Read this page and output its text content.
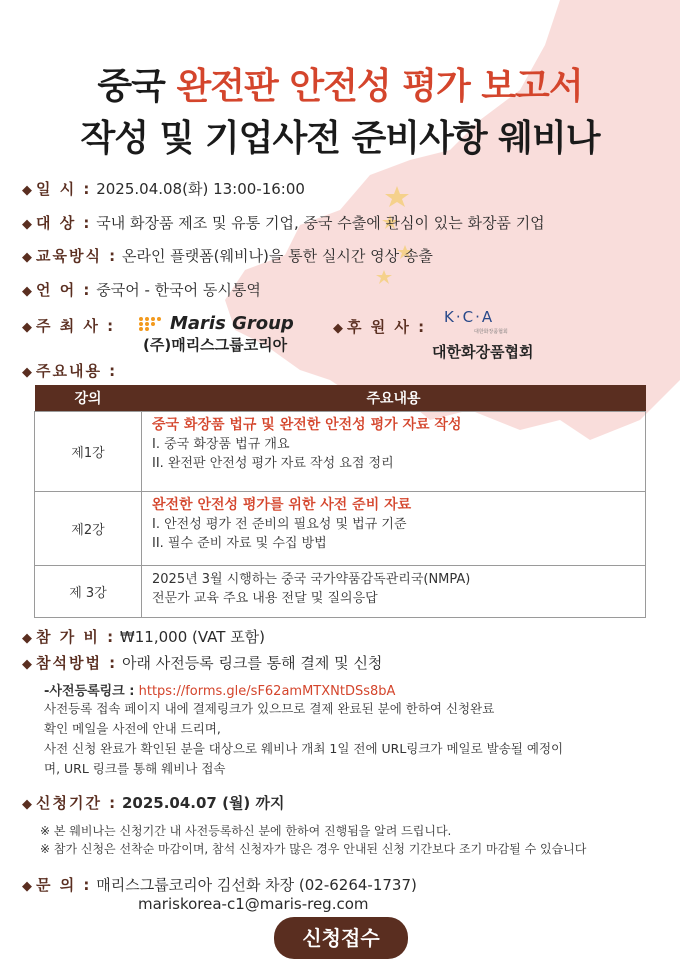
중국 완전판 안전성 평가 보고서
작성 및 기업사전 준비사항 웨비나
◆ 일 시 : 2025.04.08(화) 13:00-16:00
◆ 대 상 : 국내 화장품 제조 및 유통 기업, 중국 수출에 관심이 있는 화장품 기업
◆ 교육방식 : 온라인 플랫폼(웨비나)을 통한 실시간 영상 송출
◆ 언 어 : 중국어 - 한국어 동시통역
◆ 주 최 사 :	Maris Group
(주)매리스그룹코리아
◆ 후 원 사 :
K·C·A
대한화장품협회
대한화장품협회
◆ 주요내용 :
강의	주요내용
제1강	중국 화장품 법규 및 완전한 안전성 평가 자료 작성
I. 중국 화장품 법규 개요
II. 완전판 안전성 평가 자료 작성 요점 정리

제2강	완전한 안전성 평가를 위한 사전 준비 자료
I. 안전성 평가 전 준비의 필요성 및 법규 기준
II. 필수 준비 자료 및 수집 방법

제 3강	2025년 3월 시행하는 중국 국가약품감독관리국(NMPA)
전문가 교육 주요 내용 전달 및 질의응답
◆ 참 가 비 : ₩11,000 (VAT 포함)
◆ 참석방법 : 아래 사전등록 링크를 통해 결제 및 신청
-사전등록링크 : https://forms.gle/sF62amMTXNtDSs8bA
사전등록 접속 페이지 내에 결제링크가 있으므로 결제 완료된 분에 한하여 신청완료
확인 메일을 사전에 안내 드리며,
사전 신청 완료가 확인된 분을 대상으로 웨비나 개최 1일 전에 URL링크가 메일로 발송될 예정이
며, URL 링크를 통해 웨비나 접속
◆ 신청기간 : 2025.04.07 (월) 까지
※ 본 웨비나는 신청기간 내 사전등록하신 분에 한하여 진행됨을 알려 드립니다.
※ 참가 신청은 선착순 마감이며, 참석 신청자가 많은 경우 안내된 신청 기간보다 조기 마감될 수 있습니다
◆ 문 의 : 매리스그룹코리아 김선화 차장 (02-6264-1737)
mariskorea-c1@maris-reg.com
신청접수
